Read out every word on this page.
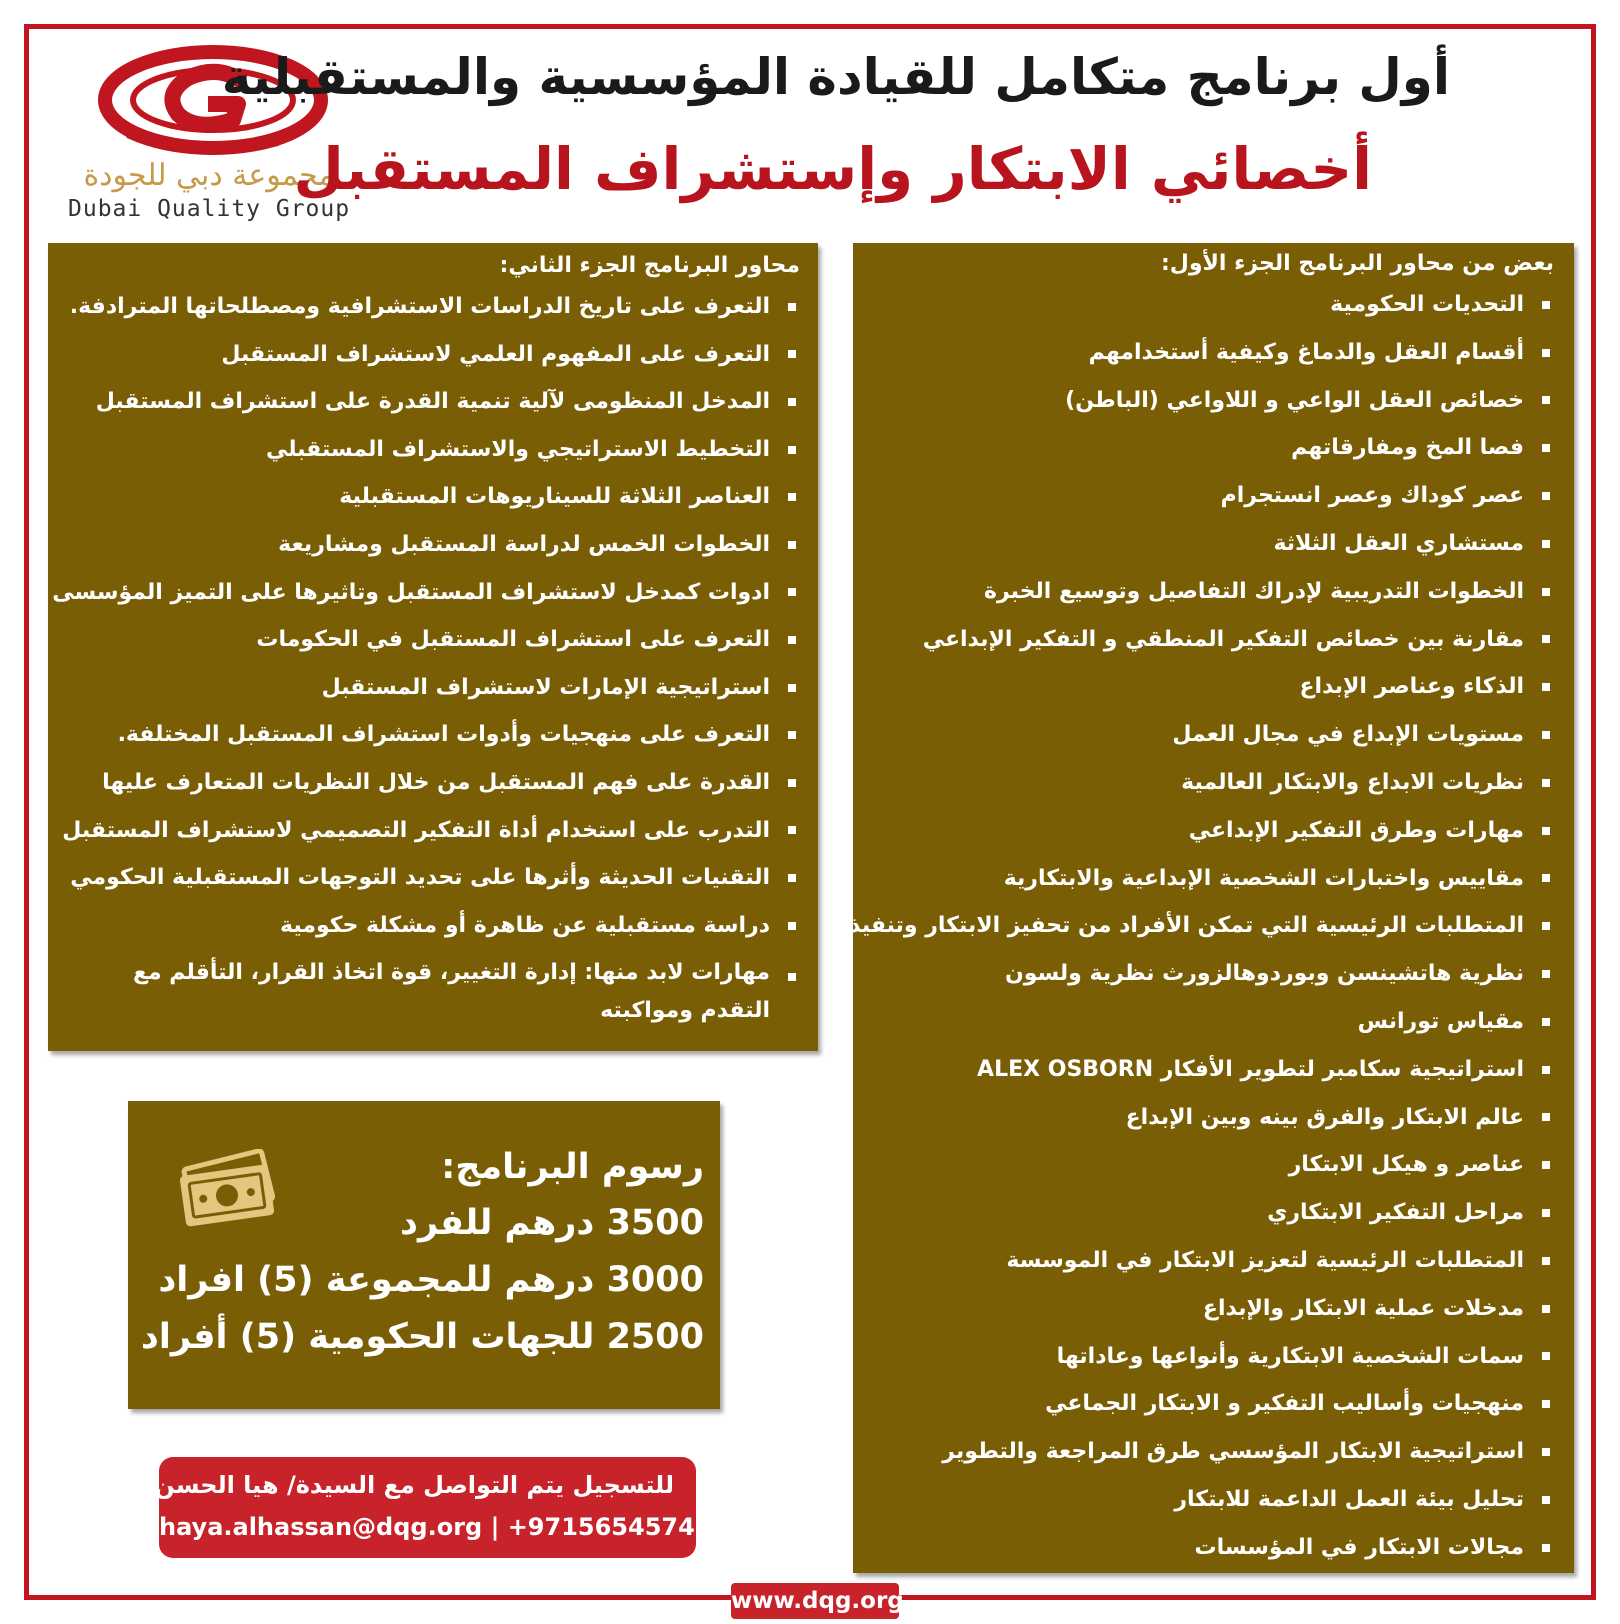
مجموعة دبي للجودة
Dubai Quality Group
أول برنامج متكامل للقيادة المؤسسية والمستقبلية
أخصائي الابتكار وإستشراف المستقبل
بعض من محاور البرنامج الجزء الأول:
التحديات الحكومية
أقسام العقل والدماغ وكيفية أستخدامهم
خصائص العقل الواعي و اللاواعي (الباطن)
فصا المخ ومفارقاتهم
عصر كوداك وعصر انستجرام
مستشاري العقل الثلاثة
الخطوات التدريبية لإدراك التفاصيل وتوسيع الخبرة
مقارنة بين خصائص التفكير المنطقي و التفكير الإبداعي
الذكاء وعناصر الإبداع
مستويات الإبداع في مجال العمل
نظريات الابداع والابتكار العالمية
مهارات وطرق التفكير الإبداعي
مقاييس واختبارات الشخصية الإبداعية والابتكارية
المتطلبات الرئيسية التي تمكن الأفراد من تحفيز الابتكار وتنفيذه
نظرية هاتشينسن وبوردوهالزورث نظرية ولسون
مقياس تورانس
استراتيجية سكامبر لتطوير الأفكار ALEX OSBORN
عالم الابتكار والفرق بينه وبين الإبداع
عناصر و هيكل الابتكار
مراحل التفكير الابتكاري
المتطلبات الرئيسية لتعزيز الابتكار في الموسسة
مدخلات عملية الابتكار والإبداع
سمات الشخصية الابتكارية وأنواعها وعاداتها
منهجيات وأساليب التفكير و الابتكار الجماعي
استراتيجية الابتكار المؤسسي طرق المراجعة والتطوير
تحليل بيئة العمل الداعمة للابتكار
مجالات الابتكار في المؤسسات
محاور البرنامج الجزء الثاني:
التعرف على تاريخ الدراسات الاستشرافية ومصطلحاتها المترادفة.
التعرف على المفهوم العلمي لاستشراف المستقبل
المدخل المنظومى لآلية تنمية القدرة على استشراف المستقبل
التخطيط الاستراتيجي والاستشراف المستقبلي
العناصر الثلاثة للسيناريوهات المستقبلية
الخطوات الخمس لدراسة المستقبل ومشاريعة
ادوات كمدخل لاستشراف المستقبل وتاثيرها على التميز المؤسسى .
التعرف على استشراف المستقبل في الحكومات
استراتيجية الإمارات لاستشراف المستقبل
التعرف على منهجيات وأدوات استشراف المستقبل المختلفة.
القدرة على فهم المستقبل من خلال النظريات المتعارف عليها
التدرب على استخدام أداة التفكير التصميمي لاستشراف المستقبل
التقنيات الحديثة وأثرها على تحديد التوجهات المستقبلية الحكومي
دراسة مستقبلية عن ظاهرة أو مشكلة حكومية
مهارات لابد منها: إدارة التغيير، قوة اتخاذ القرار، التأقلم مع التقدم ومواكبته
رسوم البرنامج:
3500 درهم للفرد
3000 درهم للمجموعة (5) افراد
2500 للجهات الحكومية (5) أفراد فأكثر
للتسجيل يتم التواصل مع السيدة/ هيا الحسن
haya.alhassan@dqg.org | +971565457412
www.dqg.org
